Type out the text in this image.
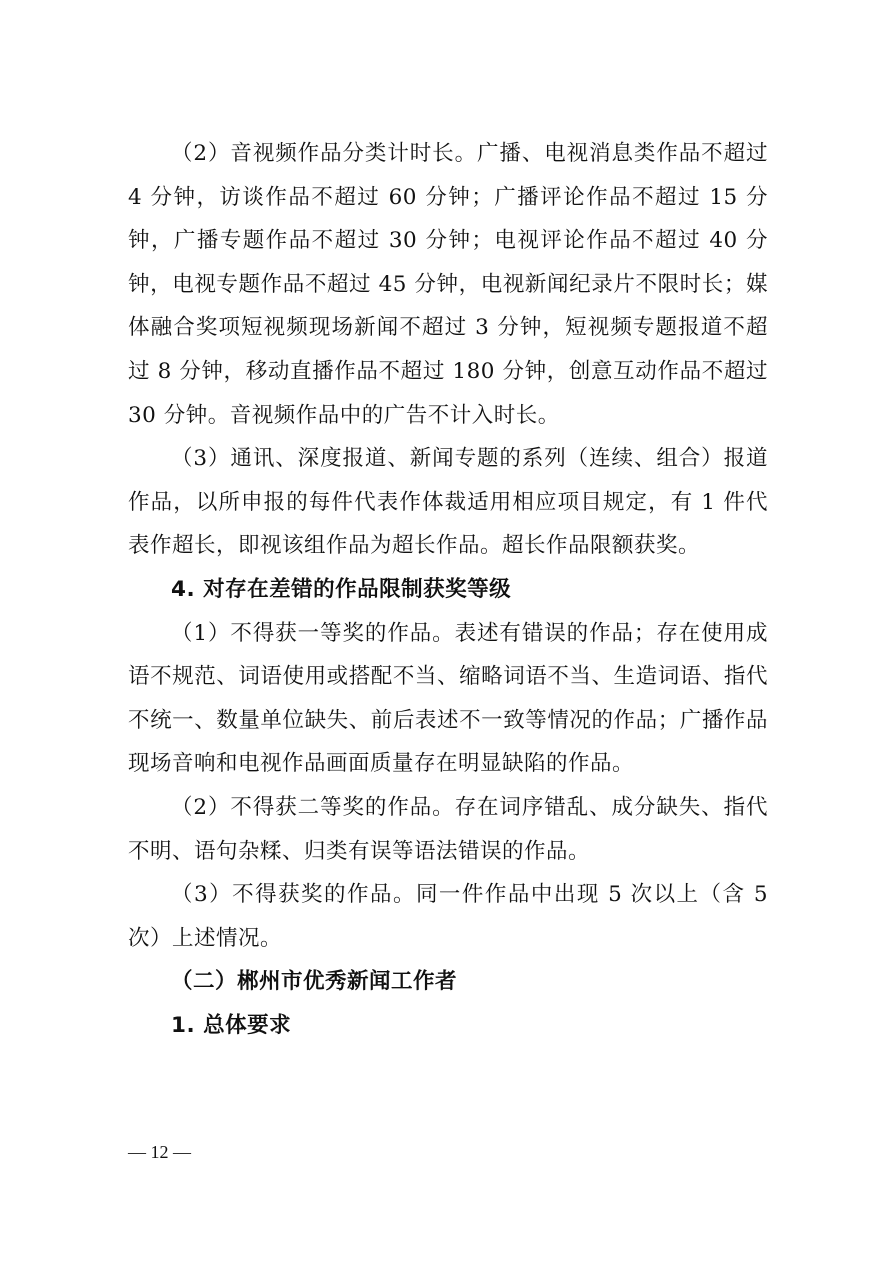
（2）音视频作品分类计时长。广播、电视消息类作品不超过 4 分钟，访谈作品不超过 60 分钟；广播评论作品不超过 15 分钟，广播专题作品不超过 30 分钟；电视评论作品不超过 40 分钟，电视专题作品不超过 45 分钟，电视新闻纪录片不限时长；媒体融合奖项短视频现场新闻不超过 3 分钟，短视频专题报道不超过 8 分钟，移动直播作品不超过 180 分钟，创意互动作品不超过 30 分钟。音视频作品中的广告不计入时长。

（3）通讯、深度报道、新闻专题的系列（连续、组合）报道作品，以所申报的每件代表作体裁适用相应项目规定，有 1 件代表作超长，即视该组作品为超长作品。超长作品限额获奖。

4. 对存在差错的作品限制获奖等级

（1）不得获一等奖的作品。表述有错误的作品；存在使用成语不规范、词语使用或搭配不当、缩略词语不当、生造词语、指代不统一、数量单位缺失、前后表述不一致等情况的作品；广播作品现场音响和电视作品画面质量存在明显缺陷的作品。

（2）不得获二等奖的作品。存在词序错乱、成分缺失、指代不明、语句杂糅、归类有误等语法错误的作品。

（3）不得获奖的作品。同一件作品中出现 5 次以上（含 5 次）上述情况。

（二）郴州市优秀新闻工作者

1. 总体要求

— 12 —
